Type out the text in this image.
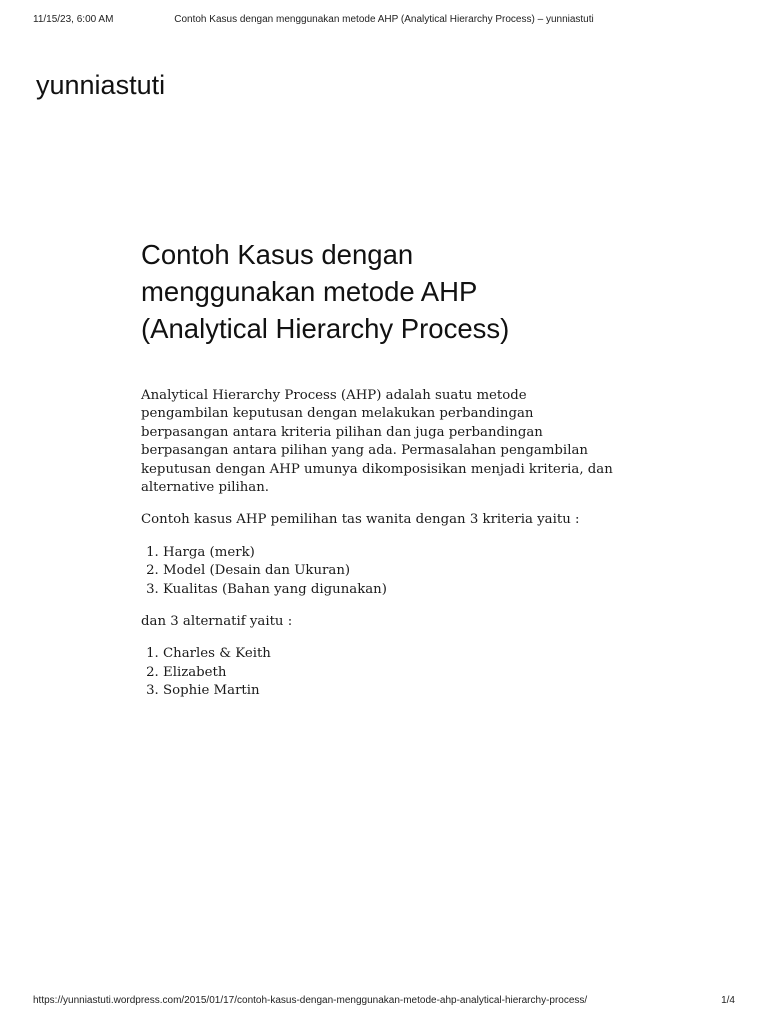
11/15/23, 6:00 AM	Contoh Kasus dengan menggunakan metode AHP (Analytical Hierarchy Process) – yunniastuti
yunniastuti
Contoh Kasus dengan
menggunakan metode AHP
(Analytical Hierarchy Process)

Analytical Hierarchy Process (AHP) adalah suatu metode
pengambilan keputusan dengan melakukan perbandingan
berpasangan antara kriteria pilihan dan juga perbandingan
berpasangan antara pilihan yang ada. Permasalahan pengambilan
keputusan dengan AHP umunya dikomposisikan menjadi kriteria, dan
alternative pilihan.

Contoh kasus AHP pemilihan tas wanita dengan 3 kriteria yaitu :

1. Harga (merk)
2. Model (Desain dan Ukuran)
3. Kualitas (Bahan yang digunakan)

dan 3 alternatif yaitu :

1. Charles & Keith
2. Elizabeth
3. Sophie Martin
https://yunniastuti.wordpress.com/2015/01/17/contoh-kasus-dengan-menggunakan-metode-ahp-analytical-hierarchy-process/	1/4
